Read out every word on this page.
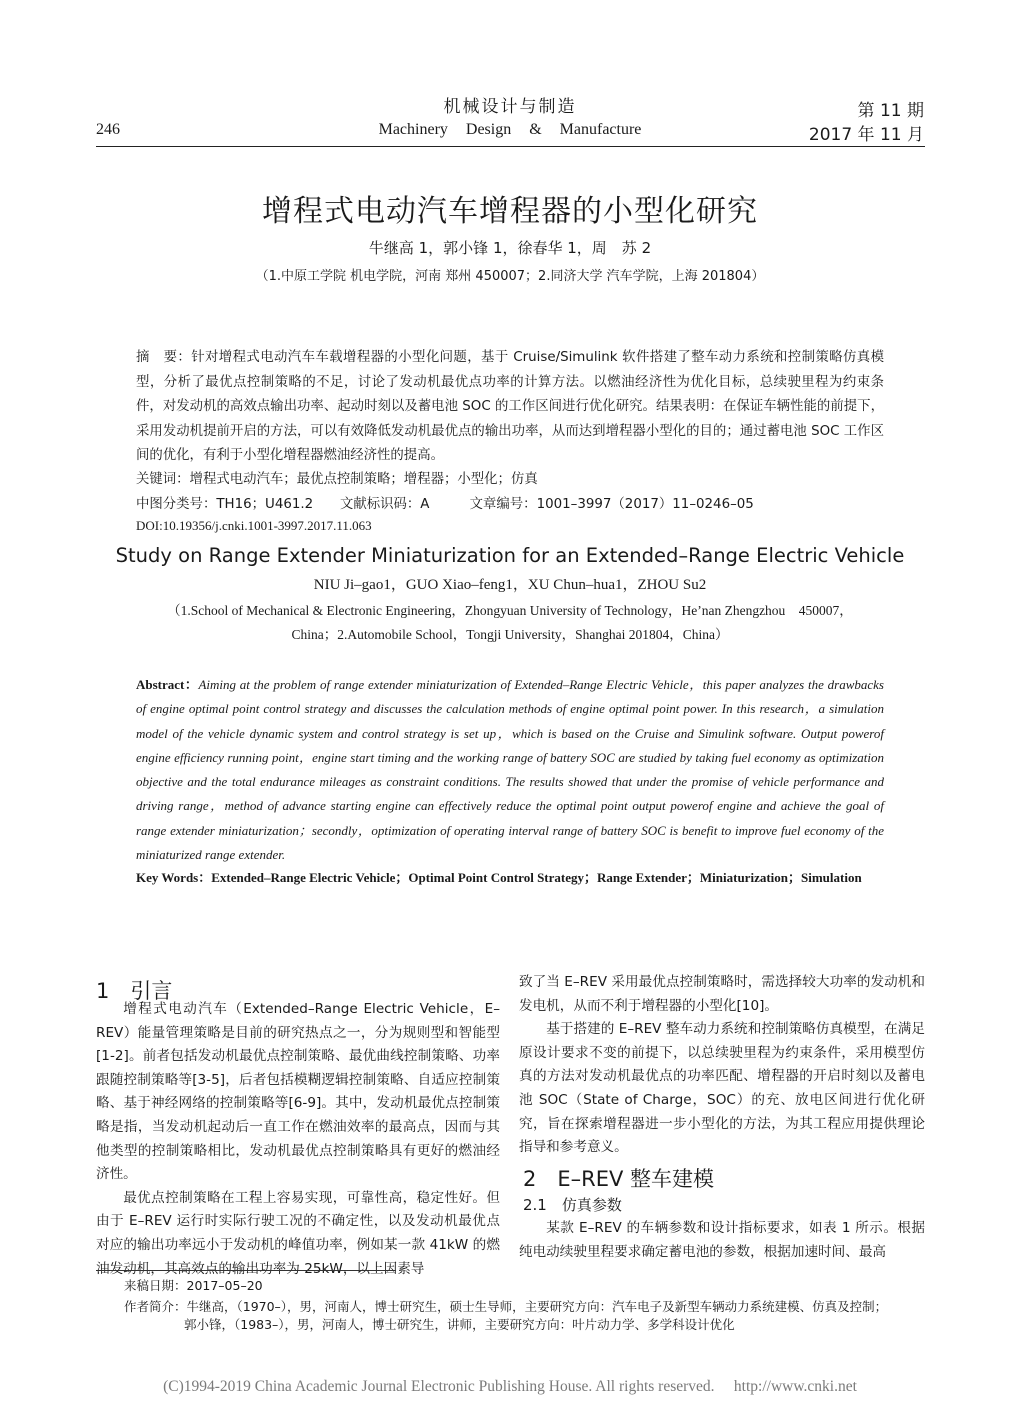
机械设计与制造
Machinery Design & Manufacture
246
第 11 期
2017 年 11 月
增程式电动汽车增程器的小型化研究
牛继高 1，郭小锋 1，徐春华 1，周　苏 2
（1.中原工学院 机电学院，河南 郑州 450007；2.同济大学 汽车学院，上海 201804）
摘　要：针对增程式电动汽车车载增程器的小型化问题，基于 Cruise/Simulink 软件搭建了整车动力系统和控制策略仿真模型，分析了最优点控制策略的不足，讨论了发动机最优点功率的计算方法。以燃油经济性为优化目标，总续驶里程为约束条件，对发动机的高效点输出功率、起动时刻以及蓄电池 SOC 的工作区间进行优化研究。结果表明：在保证车辆性能的前提下，采用发动机提前开启的方法，可以有效降低发动机最优点的输出功率，从而达到增程器小型化的目的；通过蓄电池 SOC 工作区间的优化，有利于小型化增程器燃油经济性的提高。
关键词：增程式电动汽车；最优点控制策略；增程器；小型化；仿真
中图分类号：TH16；U461.2　　文献标识码：A　　　文章编号：1001–3997（2017）11–0246–05
DOI:10.19356/j.cnki.1001-3997.2017.11.063
Study on Range Extender Miniaturization for an Extended–Range Electric Vehicle
NIU Ji–gao1，GUO Xiao–feng1，XU Chun–hua1，ZHOU Su2
（1.School of Mechanical & Electronic Engineering，Zhongyuan University of Technology，He’nan Zhengzhou　450007，
China；2.Automobile School，Tongji University，Shanghai 201804，China）
Abstract：Aiming at the problem of range extender miniaturization of Extended–Range Electric Vehicle，this paper analyzes the drawbacks of engine optimal point control strategy and discusses the calculation methods of engine optimal point power. In this research，a simulation model of the vehicle dynamic system and control strategy is set up，which is based on the Cruise and Simulink software. Output powerof engine efficiency running point，engine start timing and the working range of battery SOC are studied by taking fuel economy as optimization objective and the total endurance mileages as constraint conditions. The results showed that under the promise of vehicle performance and driving range，method of advance starting engine can effectively reduce the optimal point output powerof engine and achieve the goal of range extender miniaturization；secondly，optimization of operating interval range of battery SOC is benefit to improve fuel economy of the miniaturized range extender.
Key Words：Extended–Range Electric Vehicle；Optimal Point Control Strategy；Range Extender；Miniaturization；Simulation
1　引言

增程式电动汽车（Extended–Range Electric Vehicle，E–REV）能量管理策略是目前的研究热点之一，分为规则型和智能型[1-2]。前者包括发动机最优点控制策略、最优曲线控制策略、功率跟随控制策略等[3-5]，后者包括模糊逻辑控制策略、自适应控制策略、基于神经网络的控制策略等[6-9]。其中，发动机最优点控制策略是指，当发动机起动后一直工作在燃油效率的最高点，因而与其他类型的控制策略相比，发动机最优点控制策略具有更好的燃油经济性。

最优点控制策略在工程上容易实现，可靠性高，稳定性好。但由于 E–REV 运行时实际行驶工况的不确定性，以及发动机最优点对应的输出功率远小于发动机的峰值功率，例如某一款 41kW 的燃油发动机，其高效点的输出功率为 25kW，以上因素导

致了当 E–REV 采用最优点控制策略时，需选择较大功率的发动机和发电机，从而不利于增程器的小型化[10]。

基于搭建的 E–REV 整车动力系统和控制策略仿真模型，在满足原设计要求不变的前提下，以总续驶里程为约束条件，采用模型仿真的方法对发动机最优点的功率匹配、增程器的开启时刻以及蓄电池 SOC（State of Charge，SOC）的充、放电区间进行优化研究，旨在探索增程器进一步小型化的方法，为其工程应用提供理论指导和参考意义。

2　E–REV 整车建模
2.1　仿真参数

某款 E–REV 的车辆参数和设计指标要求，如表 1 所示。根据纯电动续驶里程要求确定蓄电池的参数，根据加速时间、最高

来稿日期：2017–05–20
作者简介：牛继高，（1970–），男，河南人，博士研究生，硕士生导师，主要研究方向：汽车电子及新型车辆动力系统建模、仿真及控制；
郭小锋，（1983–），男，河南人，博士研究生，讲师，主要研究方向：叶片动力学、多学科设计优化
(C)1994-2019 China Academic Journal Electronic Publishing House. All rights reserved.　 http://www.cnki.net
